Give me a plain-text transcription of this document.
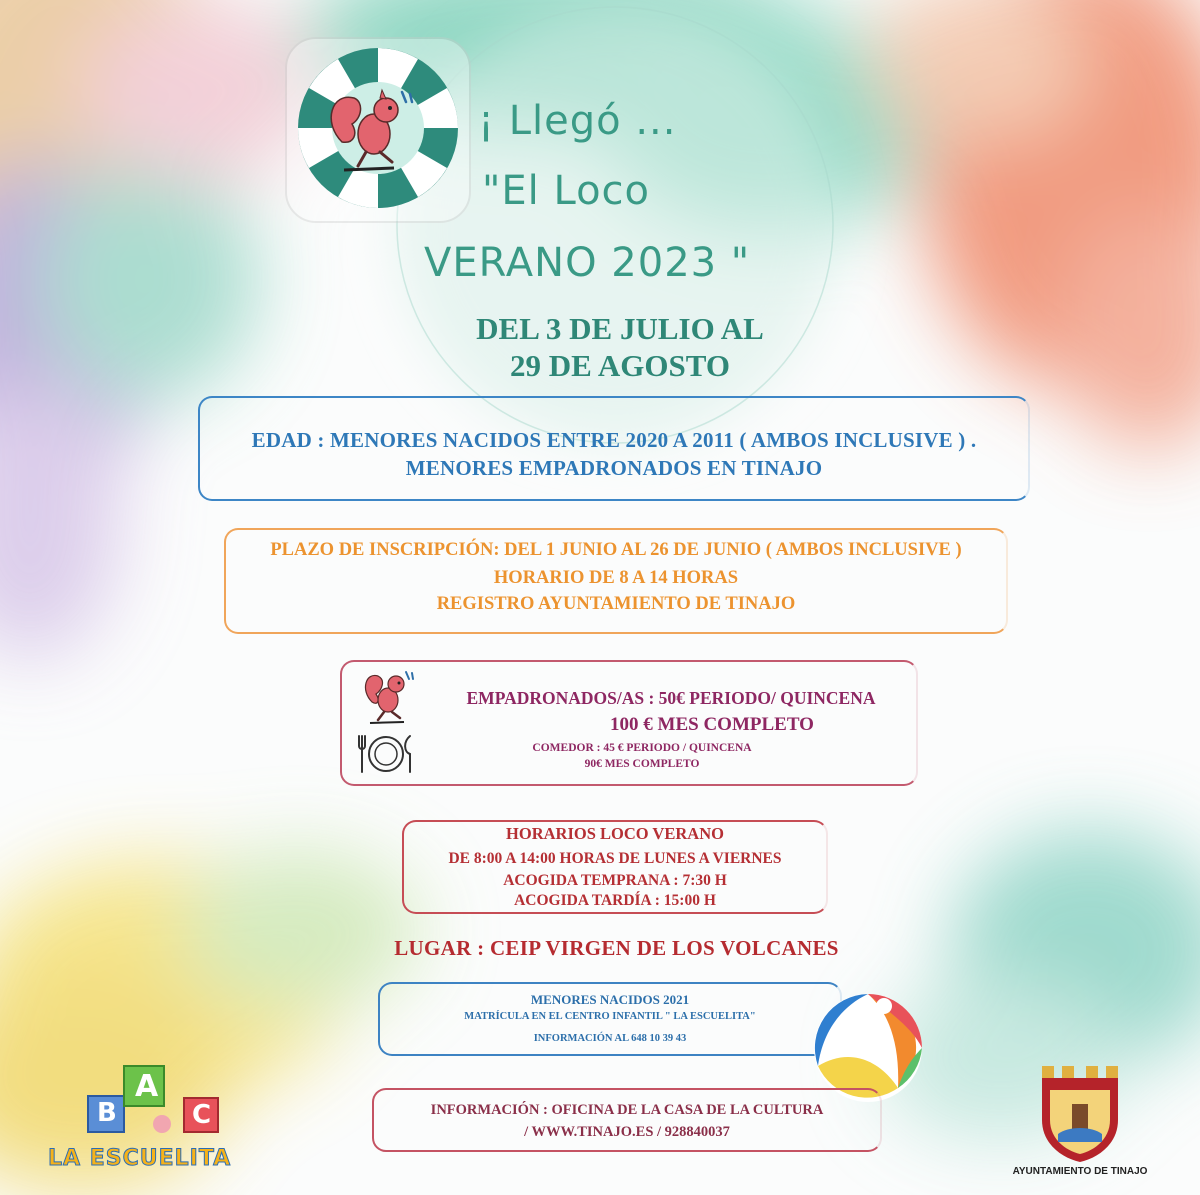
¡ Llegó ...
"El Loco
VERANO 2023 "
DEL 3 DE JULIO AL
29 DE AGOSTO
EDAD : MENORES NACIDOS ENTRE 2020 A 2011 ( AMBOS INCLUSIVE ) .
MENORES EMPADRONADOS EN TINAJO
PLAZO DE INSCRIPCIÓN: DEL 1 JUNIO AL 26 DE JUNIO ( AMBOS INCLUSIVE )
HORARIO DE 8 A 14 HORAS
REGISTRO AYUNTAMIENTO DE TINAJO
EMPADRONADOS/AS : 50€ PERIODO/ QUINCENA
100 € MES COMPLETO
COMEDOR : 45 € PERIODO / QUINCENA
90€ MES COMPLETO
HORARIOS LOCO VERANO
DE 8:00 A 14:00 HORAS DE LUNES A VIERNES
ACOGIDA TEMPRANA : 7:30 H
ACOGIDA TARDÍA : 15:00 H
LUGAR : CEIP VIRGEN DE LOS VOLCANES
MENORES NACIDOS 2021
MATRÍCULA EN EL CENTRO INFANTIL " LA ESCUELITA"
INFORMACIÓN AL 648 10 39 43
INFORMACIÓN : OFICINA DE LA CASA DE LA CULTURA
/ WWW.TINAJO.ES / 928840037
B
A
C
LA ESCUELITA
AYUNTAMIENTO DE TINAJO
